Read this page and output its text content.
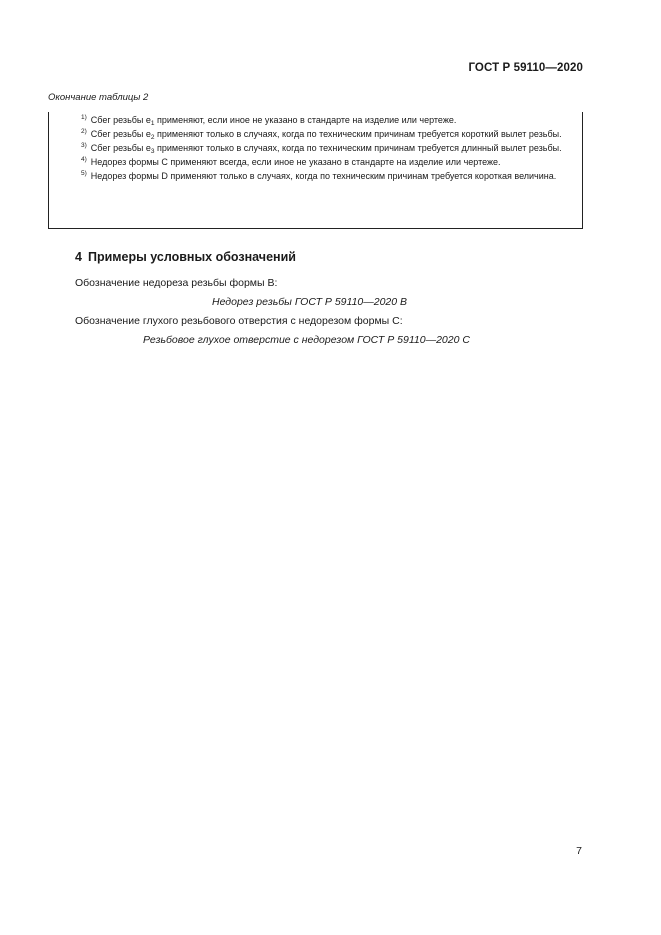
ГОСТ Р 59110—2020
Окончание таблицы 2
$^{1)}$ Сбег резьбы $e_1$ применяют, если иное не указано в стандарте на изделие или чертеже.
$^{2)}$ Сбег резьбы $e_2$ применяют только в случаях, когда по техническим причинам требуется короткий вылет резьбы.
$^{3)}$ Сбег резьбы $e_3$ применяют только в случаях, когда по техническим причинам требуется длинный вылет резьбы.
$^{4)}$ Недорез формы C применяют всегда, если иное не указано в стандарте на изделие или чертеже.
$^{5)}$ Недорез формы D применяют только в случаях, когда по техническим причинам требуется короткая величина.
4 Примеры условных обозначений
Обозначение недореза резьбы формы В:
Недорез резьбы ГОСТ Р 59110—2020 В
Обозначение глухого резьбового отверстия с недорезом формы С:
Резьбовое глухое отверстие с недорезом ГОСТ Р 59110—2020 С
7
